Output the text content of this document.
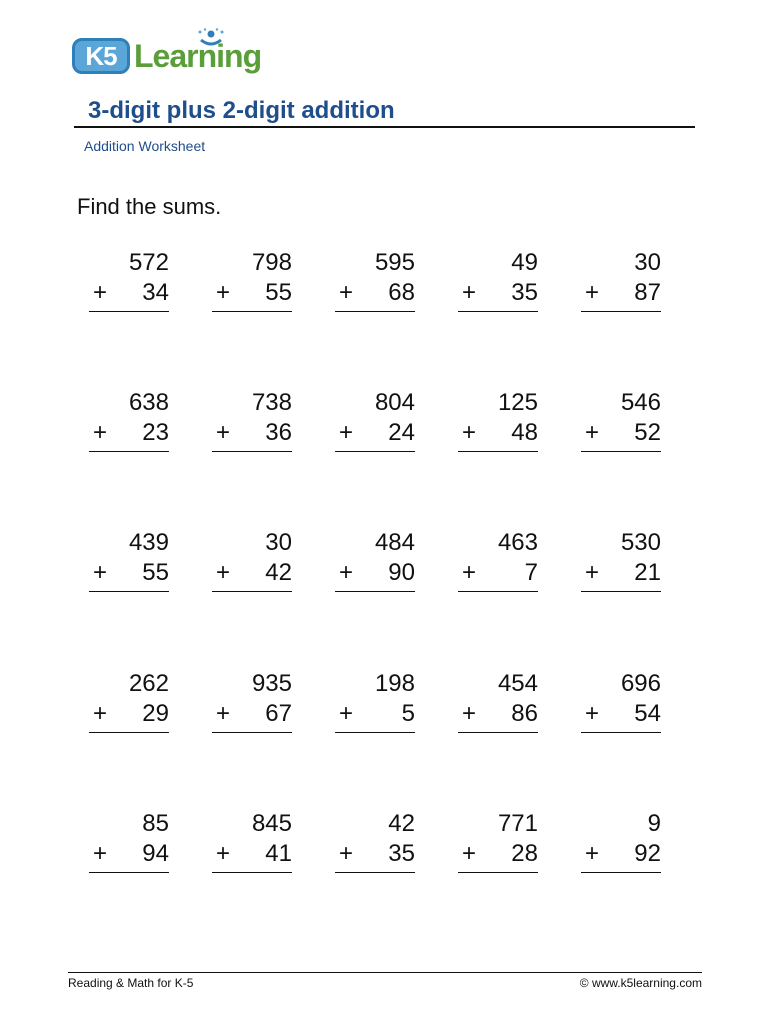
K5 Learning
3-digit plus 2-digit addition
Addition Worksheet
Find the sums.
572
+	34
798
+	55
595
+	68
49
+	35
30
+	87
638
+	23
738
+	36
804
+	24
125
+	48
546
+	52
439
+	55
30
+	42
484
+	90
463
+	7
530
+	21
262
+	29
935
+	67
198
+	5
454
+	86
696
+	54
85
+	94
845
+	41
42
+	35
771
+	28
9
+	92
Reading & Math for K-5	© www.k5learning.com
